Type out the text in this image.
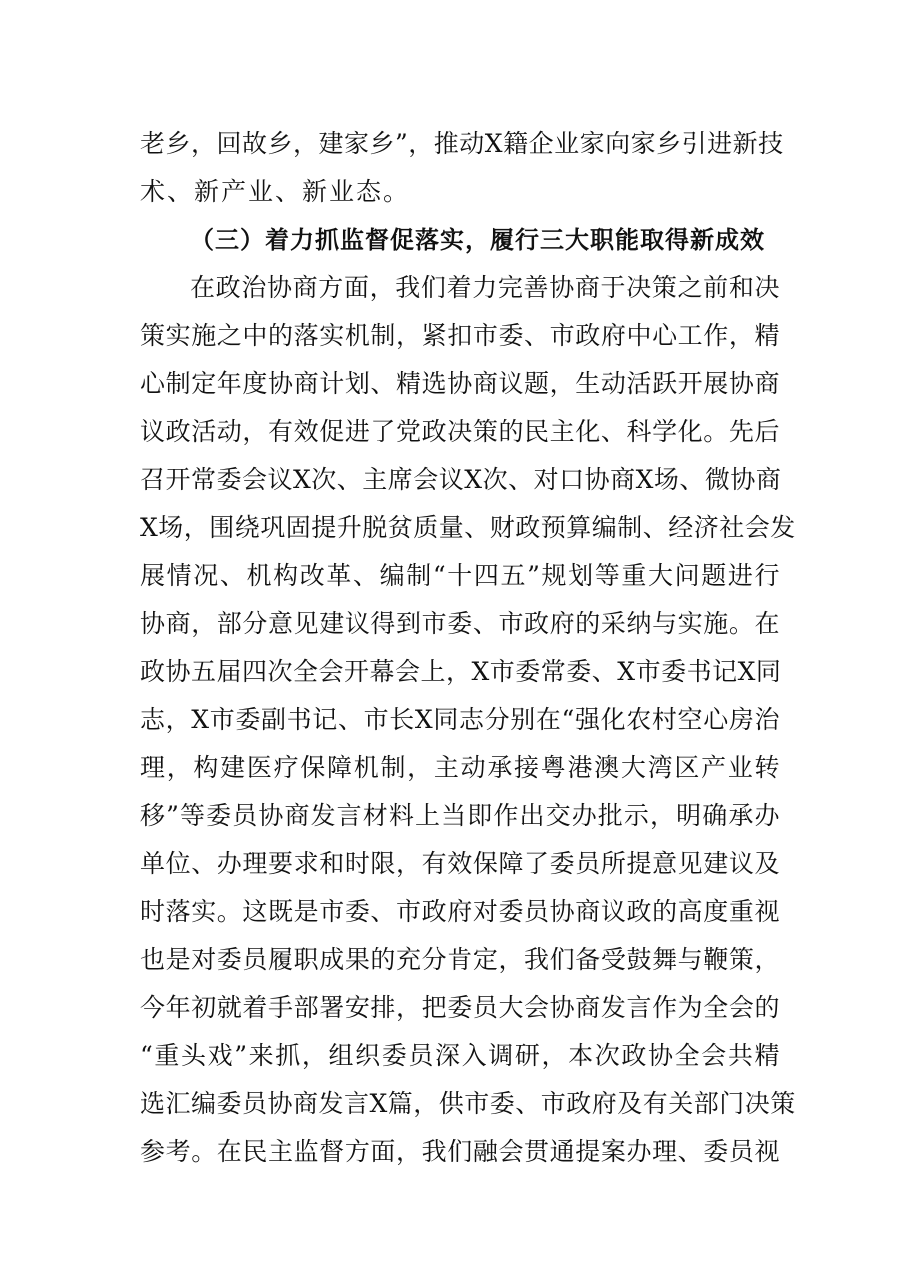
老乡，回故乡，建家乡”，推动X籍企业家向家乡引进新技
术、新产业、新业态。
（三）着力抓监督促落实，履行三大职能取得新成效
在政治协商方面，我们着力完善协商于决策之前和决
策实施之中的落实机制，紧扣市委、市政府中心工作，精
心制定年度协商计划、精选协商议题，生动活跃开展协商
议政活动，有效促进了党政决策的民主化、科学化。先后
召开常委会议X次、主席会议X次、对口协商X场、微协商
X场，围绕巩固提升脱贫质量、财政预算编制、经济社会发
展情况、机构改革、编制“十四五”规划等重大问题进行
协商，部分意见建议得到市委、市政府的采纳与实施。在
政协五届四次全会开幕会上，X市委常委、X市委书记X同
志，X市委副书记、市长X同志分别在“强化农村空心房治
理，构建医疗保障机制，主动承接粤港澳大湾区产业转
移”等委员协商发言材料上当即作出交办批示，明确承办
单位、办理要求和时限，有效保障了委员所提意见建议及
时落实。这既是市委、市政府对委员协商议政的高度重视
也是对委员履职成果的充分肯定，我们备受鼓舞与鞭策，
今年初就着手部署安排，把委员大会协商发言作为全会的
“重头戏”来抓，组织委员深入调研，本次政协全会共精
选汇编委员协商发言X篇，供市委、市政府及有关部门决策
参考。在民主监督方面，我们融会贯通提案办理、委员视
